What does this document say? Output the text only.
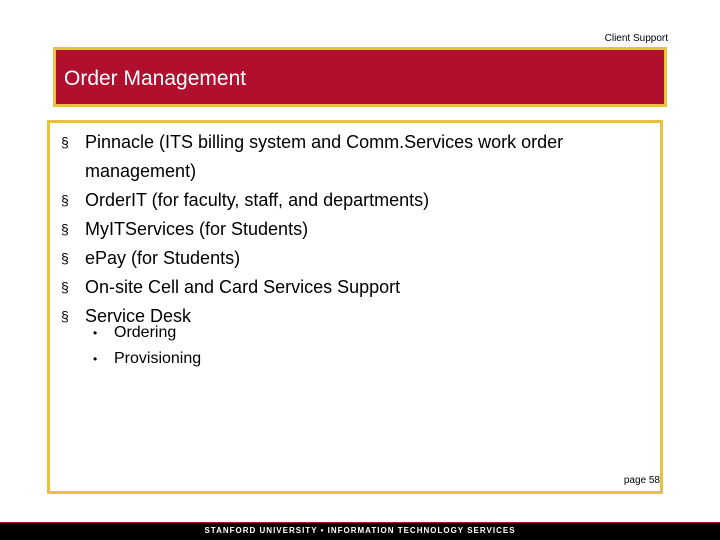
Client Support
Order Management
§ Pinnacle (ITS billing system and Comm.Services work order management)
§ OrderIT (for faculty, staff, and departments)
§ MyITServices (for Students)
§ ePay (for Students)
§ On-site Cell and Card Services Support
§ Service Desk
• Ordering
• Provisioning
page 58
STANFORD UNIVERSITY • INFORMATION TECHNOLOGY SERVICES
